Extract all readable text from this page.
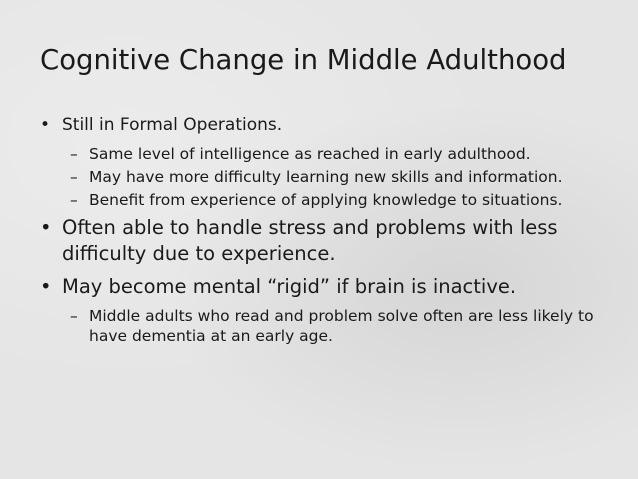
Cognitive Change in Middle Adulthood
• Still in Formal Operations.
– Same level of intelligence as reached in early adulthood.
– May have more difficulty learning new skills and information.
– Benefit from experience of applying knowledge to situations.
• Often able to handle stress and problems with less difficulty due to experience.
• May become mental “rigid” if brain is inactive.
– Middle adults who read and problem solve often are less likely to have dementia at an early age.
